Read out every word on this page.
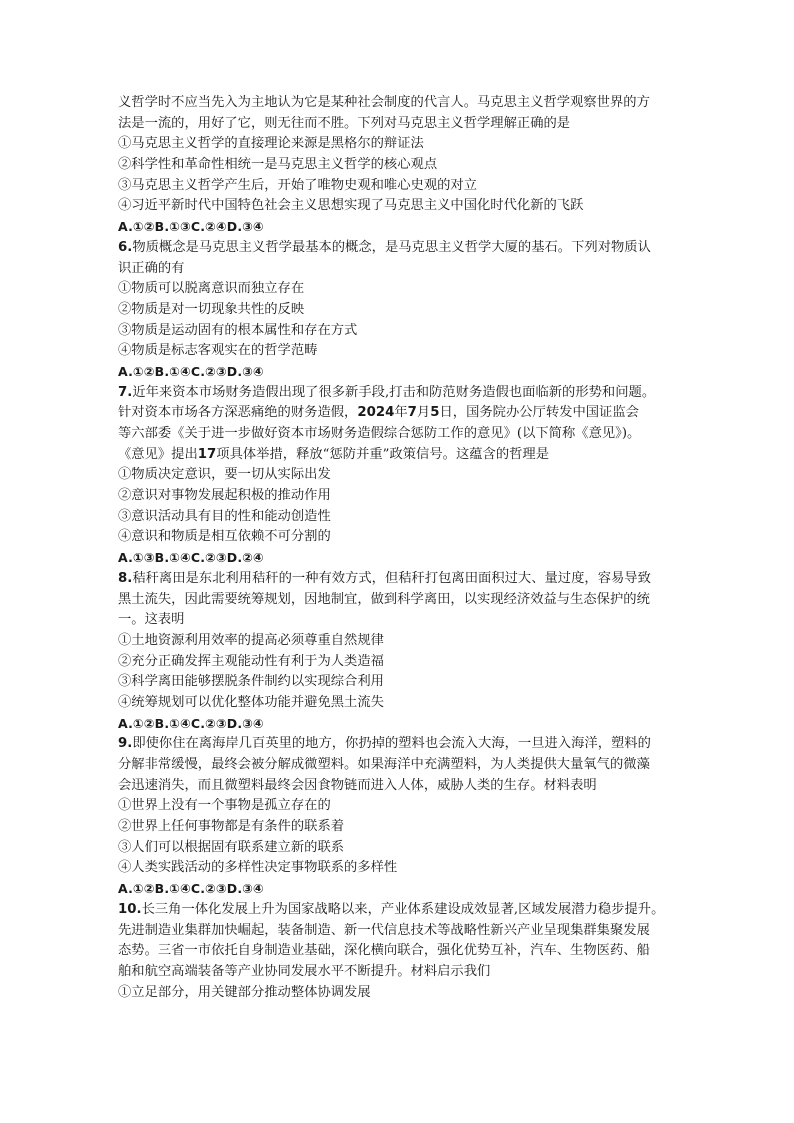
义哲学时不应当先入为主地认为它是某种社会制度的代言人。马克思主义哲学观察世界的方
法是一流的，用好了它，则无往而不胜。下列对马克思主义哲学理解正确的是
①马克思主义哲学的直接理论来源是黑格尔的辩证法
②科学性和革命性相统一是马克思主义哲学的核心观点
③马克思主义哲学产生后，开始了唯物史观和唯心史观的对立
④习近平新时代中国特色社会主义思想实现了马克思主义中国化时代化新的飞跃
A.①②B.①③C.②④D.③④
6.物质概念是马克思主义哲学最基本的概念，是马克思主义哲学大厦的基石。下列对物质认
识正确的有
①物质可以脱离意识而独立存在
②物质是对一切现象共性的反映
③物质是运动固有的根本属性和存在方式
④物质是标志客观实在的哲学范畴
A.①②B.①④C.②③D.③④
7.近年来资本市场财务造假出现了很多新手段,打击和防范财务造假也面临新的形势和问题。
针对资本市场各方深恶痛绝的财务造假，2024年7月5日，国务院办公厅转发中国证监会
等六部委《关于进一步做好资本市场财务造假综合惩防工作的意见》(以下简称《意见》)。
《意见》提出17项具体举措，释放“惩防并重”政策信号。这蕴含的哲理是
①物质决定意识，要一切从实际出发
②意识对事物发展起积极的推动作用
③意识活动具有目的性和能动创造性
④意识和物质是相互依赖不可分割的
A.①③B.①④C.②③D.②④
8.秸秆离田是东北利用秸秆的一种有效方式，但秸秆打包离田面积过大、量过度，容易导致
黑土流失，因此需要统筹规划，因地制宜，做到科学离田，以实现经济效益与生态保护的统
一。这表明
①土地资源利用效率的提高必须尊重自然规律
②充分正确发挥主观能动性有利于为人类造福
③科学离田能够摆脱条件制约以实现综合利用
④统筹规划可以优化整体功能并避免黑土流失
A.①②B.①④C.②③D.③④
9.即使你住在离海岸几百英里的地方，你扔掉的塑料也会流入大海，一旦进入海洋，塑料的
分解非常缓慢，最终会被分解成微塑料。如果海洋中充满塑料，为人类提供大量氧气的微藻
会迅速消失，而且微塑料最终会因食物链而进入人体，威胁人类的生存。材料表明
①世界上没有一个事物是孤立存在的
②世界上任何事物都是有条件的联系着
③人们可以根据固有联系建立新的联系
④人类实践活动的多样性决定事物联系的多样性
A.①②B.①④C.②③D.③④
10.长三角一体化发展上升为国家战略以来，产业体系建设成效显著,区域发展潜力稳步提升。
先进制造业集群加快崛起，装备制造、新一代信息技术等战略性新兴产业呈现集群集聚发展
态势。三省一市依托自身制造业基础，深化横向联合，强化优势互补，汽车、生物医药、船
舶和航空高端装备等产业协同发展水平不断提升。材料启示我们
①立足部分，用关键部分推动整体协调发展
